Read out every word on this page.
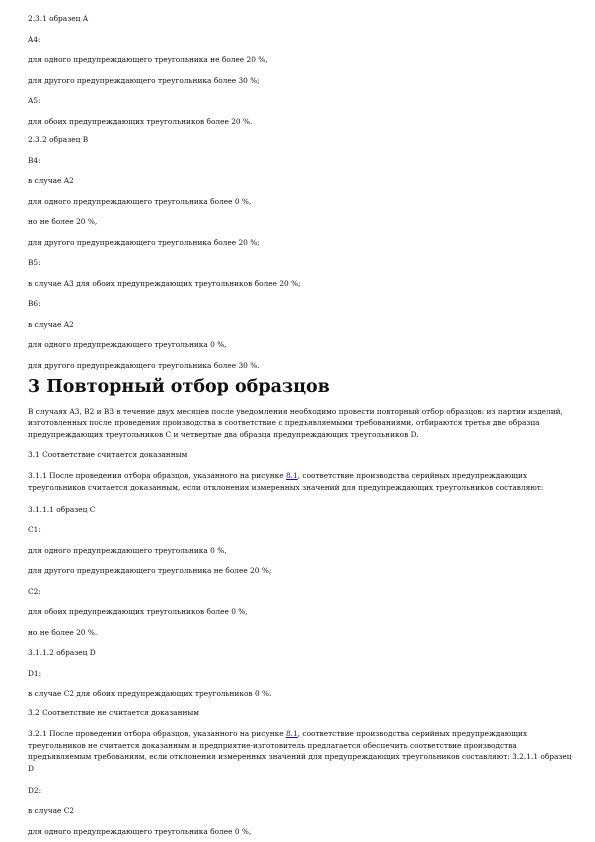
2.3.1 образец A

A4:

для одного предупреждающего треугольника не более 20 %,

для другого предупреждающего треугольника более 30 %;

A5:

для обоих предупреждающих треугольников более 20 %.

2.3.2 образец B

B4:

в случае A2

для одного предупреждающего треугольника более 0 %,

но не более 20 %,

для другого предупреждающего треугольника более 20 %;

B5:

в случае A3 для обоих предупреждающих треугольников более 20 %;

B6:

в случае A2

для одного предупреждающего треугольника 0 %,

для другого предупреждающего треугольника более 30 %.

3 Повторный отбор образцов

В случаях A3, B2 и B3 в течение двух месяцев после уведомления необходимо провести повторный отбор образцов: из партии изделий, изготовленных после проведения производства в соответствие с предъявляемыми требованиями, отбираются третья две образца предупреждающих треугольников C и четвертые два образца предупреждающих треугольников D.

3.1 Соответствие считается доказанным

3.1.1 После проведения отбора образцов, указанного на рисунке 8.1, соответствие производства серийных предупреждающих треугольников считается доказанным, если отклонения измеренных значений для предупреждающих треугольников составляют:

3.1.1.1 образец C

C1:

для одного предупреждающего треугольника 0 %,

для другого предупреждающего треугольника не более 20 %;

C2:

для обоих предупреждающих треугольников более 0 %,

но не более 20 %.

3.1.1.2 образец D

D1:

в случае C2 для обоих предупреждающих треугольников 0 %.

3.2 Соответствие не считается доказанным

3.2.1 После проведения отбора образцов, указанного на рисунке 8.1, соответствие производства серийных предупреждающих треугольников не считается доказанным и предприятие-изготовитель предлагается обеспечить соответствие производства предъявляемым требованиям, если отклонения измеренных значений для предупреждающих треугольников составляют: 3.2.1.1 образец D

D2:

в случае C2

для одного предупреждающего треугольника более 0 %,
